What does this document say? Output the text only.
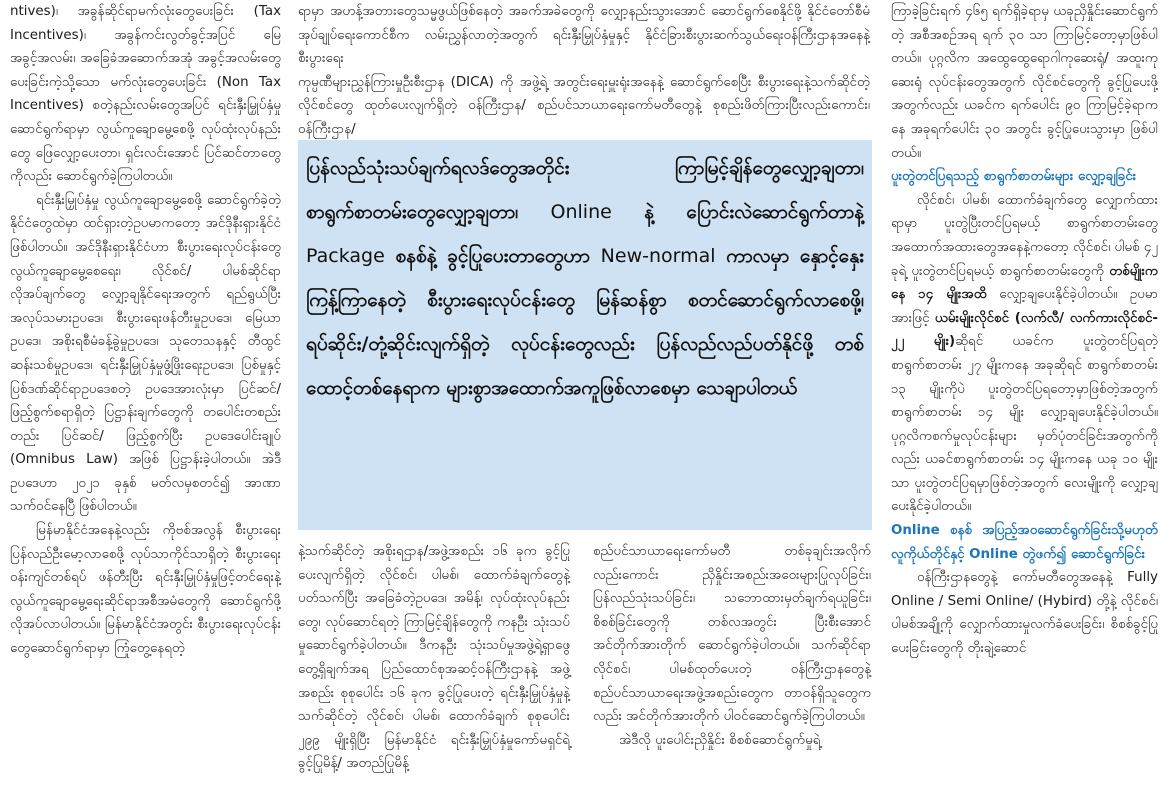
ntives)၊ အခွန်ဆိုင်ရာမက်လုံးတွေပေးခြင်း (Tax Incentives)၊ အခွန်ကင်းလွတ်ခွင့်အပြင် မြေအခွင့်အလမ်း၊ အခြေခံအဆောက်အအုံ အခွင့်အလမ်းတွေပေးခြင်းကဲ့သို့သော မက်လုံးတွေပေးခြင်း (Non Tax Incentives) စတဲ့နည်းလမ်းတွေအပြင် ရင်းနှီးမြှုပ်နှံမှုဆောင်ရွက်ရာမှာ လွယ်ကူချောမွေ့စေဖို့ လုပ်ထုံးလုပ်နည်းတွေ ဖြေလျှော့ပေးတာ၊ ရှင်းလင်းအောင် ပြင်ဆင်တာတွေကိုလည်း ဆောင်ရွက်ခဲ့ကြပါတယ်။

ရင်းနှီးမြှုပ်နှံမှု လွယ်ကူချောမွေ့စေဖို့ ဆောင်ရွက်ခဲ့တဲ့နိုင်ငံတွေထဲမှာ ထင်ရှားတဲ့ဥပမာကတော့ အင်ဒိုနီးရှားနိုင်ငံ ဖြစ်ပါတယ်။ အင်ဒိုနီးရှားနိုင်ငံဟာ စီးပွားရေးလုပ်ငန်းတွေ လွယ်ကူချောမွေ့စေရေး၊ လိုင်စင်/ ပါမစ်ဆိုင်ရာ လိုအပ်ချက်တွေ လျှော့ချနိုင်ရေးအတွက် ရည်ရွယ်ပြီး အလုပ်သမားဥပဒေ၊ စီးပွားရေးဖန်တီးမှုဥပဒေ၊ မြေယာဥပဒေ၊ အစိုးရစီမံခန့်ခွဲမှုဥပဒေ၊ သုတေသနနှင့် တီထွင်ဆန်းသစ်မှုဥပဒေ၊ ရင်းနှီးမြှုပ်နှံမှုဖွံ့ဖြိုးရေးဥပဒေ၊ ပြစ်မှုနှင့် ပြစ်ဒဏ်ဆိုင်ရာဥပဒေစတဲ့ ဥပဒေအားလုံးမှာ ပြင်ဆင်/ ဖြည့်စွက်စရာရှိတဲ့ ပြဋ္ဌာန်းချက်တွေကို တပေါင်းတစည်းတည်း ပြင်ဆင်/ ဖြည့်စွက်ပြီး ဥပဒေပေါင်းချုပ် (Omnibus Law) အဖြစ် ပြဋ္ဌာန်းခဲ့ပါတယ်။ အဲဒီ ဥပဒေဟာ ၂၀၂၁ ခုနှစ် မတ်လမှစတင်၍ အာဏာသက်ဝင်နေပြီ ဖြစ်ပါတယ်။

မြန်မာနိုင်ငံအနေနဲ့လည်း ကိုဗစ်အလွန် စီးပွားရေးပြန်လည်ဦးမော့လာစေဖို့ လုပ်သာကိုင်သာရှိတဲ့ စီးပွားရေးဝန်းကျင်တစ်ရပ် ဖန်တီးပြီး ရင်းနှီးမြှုပ်နှံမှုဖြင့်တင်ရေးနဲ့ လွယ်ကူချောမွေ့ရေးဆိုင်ရာအစီအမံတွေကို ဆောင်ရွက်ဖို့လိုအပ်လာပါတယ်။ မြန်မာနိုင်ငံအတွင်း စီးပွားရေးလုပ်ငန်းတွေဆောင်ရွက်ရာမှာ ကြုံတွေ့နေရတဲ့

ရာမှာ အဟန့်အတားတွေသမ္မဖွယ်ဖြစ်နေတဲ့ အခက်အခဲတွေကို လျှော့နည်းသွားအောင် ဆောင်ရွက်စေနိုင်ဖို့ နိုင်ငံတော်စီမံအုပ်ချုပ်ရေးကောင်စီက လမ်းညွှန်လာတဲ့အတွက် ရင်းနှီးမြှုပ်နှံမှုနှင့် နိုင်ငံခြားစီးပွားဆက်သွယ်ရေးဝန်ကြီးဌာနအနေနဲ့ စီးပွားရေး

ကုမ္ပဏီများညွှန်ကြားမှုဦးစီးဌာန (DICA) ကို အဖွဲ့ရဲ့ အတွင်းရေးမှူးရုံးအနေနဲ့ ဆောင်ရွက်စေပြီး စီးပွားရေးနဲ့သက်ဆိုင်တဲ့ လိုင်စင်တွေ ထုတ်ပေးလျက်ရှိတဲ့ ဝန်ကြီးဌာန/ စည်ပင်သာယာရေးကော်မတီတွေနဲ့ စုစည်းဖိတ်ကြားပြီးလည်းကောင်း၊ ဝန်ကြီးဌာန/

ပြန်လည်သုံးသပ်ချက်ရလဒ်တွေအတိုင်း ကြာမြင့်ချိန်တွေလျှော့ချတာ၊ စာရွက်စာတမ်းတွေလျှော့ချတာ၊ Online နဲ့ ပြောင်းလဲဆောင်ရွက်တာနဲ့ Package စနစ်နဲ့ ခွင့်ပြုပေးတာတွေဟာ New-normal ကာလမှာ နှောင့်နှေးကြန့်ကြာနေတဲ့ စီးပွားရေးလုပ်ငန်းတွေ မြန်ဆန်စွာ စတင်ဆောင်ရွက်လာစေဖို့၊ ရပ်ဆိုင်း/တုံ့ဆိုင်းလျက်ရှိတဲ့ လုပ်ငန်းတွေလည်း ပြန်လည်လည်ပတ်နိုင်ဖို့ တစ်ထောင့်တစ်နေရာက များစွာအထောက်အကူဖြစ်လာစေမှာ သေချာပါတယ်

နဲ့သက်ဆိုင်တဲ့ အစိုးရဌာန/အဖွဲ့အစည်း ၁၆ ခုက ခွင့်ပြုပေးလျက်ရှိတဲ့ လိုင်စင်၊ ပါမစ်၊ ထောက်ခံချက်တွေနဲ့ပတ်သက်ပြီး အခြေခံတဲ့ဥပဒေ၊ အမိန့်၊ လုပ်ထုံးလုပ်နည်းတွေ၊ လုပ်ဆောင်ရတဲ့ ကြာမြင့်ချိန်တွေကို ကနဦး သုံးသပ်မှုဆောင်ရွက်ခဲ့ပါတယ်။ ဒီကနဦး သုံးသပ်မှုအဖွဲ့ရဲ့ရှာဖွေတွေ့ရှိချက်အရ ပြည်ထောင်စုအဆင့်ဝန်ကြီးဌာနနဲ့ အဖွဲ့အစည်း စုစုပေါင်း ၁၆ ခုက ခွင့်ပြုပေးတဲ့ ရင်းနှီးမြှုပ်နှံမှုနဲ့သက်ဆိုင်တဲ့ လိုင်စင်၊ ပါမစ်၊ ထောက်ခံချက် စုစုပေါင်း ၂၉၉ မျိုးရှိပြီး မြန်မာနိုင်ငံ ရင်းနှီးမြှုပ်နှံမှုကော်မရှင်ရဲ့ ခွင့်ပြုမိန့်/ အတည်ပြုမိန့်

စည်ပင်သာယာရေးကော်မတီ တစ်ခုချင်းအလိုက်လည်းကောင်း ညှိနှိုင်းအစည်းအဝေးများပြုလုပ်ခြင်း၊ ပြန်လည်သုံးသပ်ခြင်း၊ သဘောထားမှတ်ချက်ရယူခြင်း၊ စိစစ်ခြင်းတွေကို တစ်လအတွင်း ပြီးစီးအောင် အင်တိုက်အားတိုက် ဆောင်ရွက်ခဲ့ပါတယ်။ သက်ဆိုင်ရာ လိုင်စင်၊ ပါမစ်ထုတ်ပေးတဲ့ ဝန်ကြီးဌာနတွေနဲ့ စည်ပင်သာယာရေးအဖွဲ့အစည်းတွေက တာဝန်ရှိသူတွေကလည်း အင်တိုက်အားတိုက် ပါဝင်ဆောင်ရွက်ခဲ့ကြပါတယ်။

အဲဒီလို ပူးပေါင်းညှိနှိုင်း စိစစ်ဆောင်ရွက်မှုရဲ့

ကြာခဲ့ခြင်းရက် ၄၆၅ ရက်ရှိခဲ့ရာမှ ယခုညှိနှိုင်းဆောင်ရွက်တဲ့ အစီအစဉ်အရ ရက် ၃၀ သာ ကြာမြင့်တော့မှာဖြစ်ပါတယ်။ ပုဂ္ဂလိက အထွေထွေရောဂါကုဆေးရုံ/ အထူးကုဆေးရုံ လုပ်ငန်းတွေအတွက် လိုင်စင်တွေကို ခွင့်ပြုပေးဖို့အတွက်လည်း ယခင်က ရက်ပေါင်း ၉၀ ကြာမြင့်ခဲ့ရာကနေ အခုရက်ပေါင်း ၃၀ အတွင်း ခွင့်ပြုပေးသွားမှာ ဖြစ်ပါတယ်။

ပူးတွဲတင်ပြရသည့် စာရွက်စာတမ်းများ လျှော့ချခြင်း

လိုင်စင်၊ ပါမစ်၊ ထောက်ခံချက်တွေ လျှောက်ထားရာမှာ ပူးတွဲပြီးတင်ပြရမယ့် စာရွက်စာတမ်းတွေ အထောက်အထားတွေအနေနဲ့ကတော့ လိုင်စင်၊ ပါမစ် ၄၂ ခုရဲ့ ပူးတွဲတင်ပြရမယ့် စာရွက်စာတမ်းတွေကို တစ်မျိုးကနေ ၁၄ မျိုးအထိ လျှော့ချပေးနိုင်ခဲ့ပါတယ်။ ဥပမာအားဖြင့် ယမ်းမျိုးလိုင်စင် (လက်လီ/ လက်ကားလိုင်စင်- ၂၂ မျိုး)ဆိုရင် ယခင်က ပူးတွဲတင်ပြရတဲ့ စာရွက်စာတမ်း ၂၇ မျိုးကနေ အခုဆိုရင် စာရွက်စာတမ်း ၁၃ မျိုးကိုပဲ ပူးတွဲတင်ပြရတော့မှာဖြစ်တဲ့အတွက် စာရွက်စာတမ်း ၁၄ မျိုး လျှော့ချပေးနိုင်ခဲ့ပါတယ်။ ပုဂ္ဂလိကစက်မှုလုပ်ငန်းများ မှတ်ပုံတင်ခြင်းအတွက်ကိုလည်း ယခင်စာရွက်စာတမ်း ၁၄ မျိုးကနေ ယခု ၁၀ မျိုးသာ ပူးတွဲတင်ပြရမှာဖြစ်တဲ့အတွက် လေးမျိုးကို လျှော့ချပေးနိုင်ခဲ့ပါတယ်။

Online စနစ် အပြည့်အဝဆောင်ရွက်ခြင်းသို့မဟုတ် လူကိုယ်တိုင်နှင့် Online တွဲဖက်၍ ဆောင်ရွက်ခြင်း

ဝန်ကြီးဌာနတွေနဲ့ ကော်မတီတွေအနေနဲ့ Fully Online / Semi Online/ (Hybird) တို့နဲ့ လိုင်စင်၊ ပါမစ်အချို့ကို လျှောက်ထားမှုလက်ခံပေးခြင်း၊ စိစစ်ခွင့်ပြုပေးခြင်းတွေကို တိုးချဲ့ဆောင်
